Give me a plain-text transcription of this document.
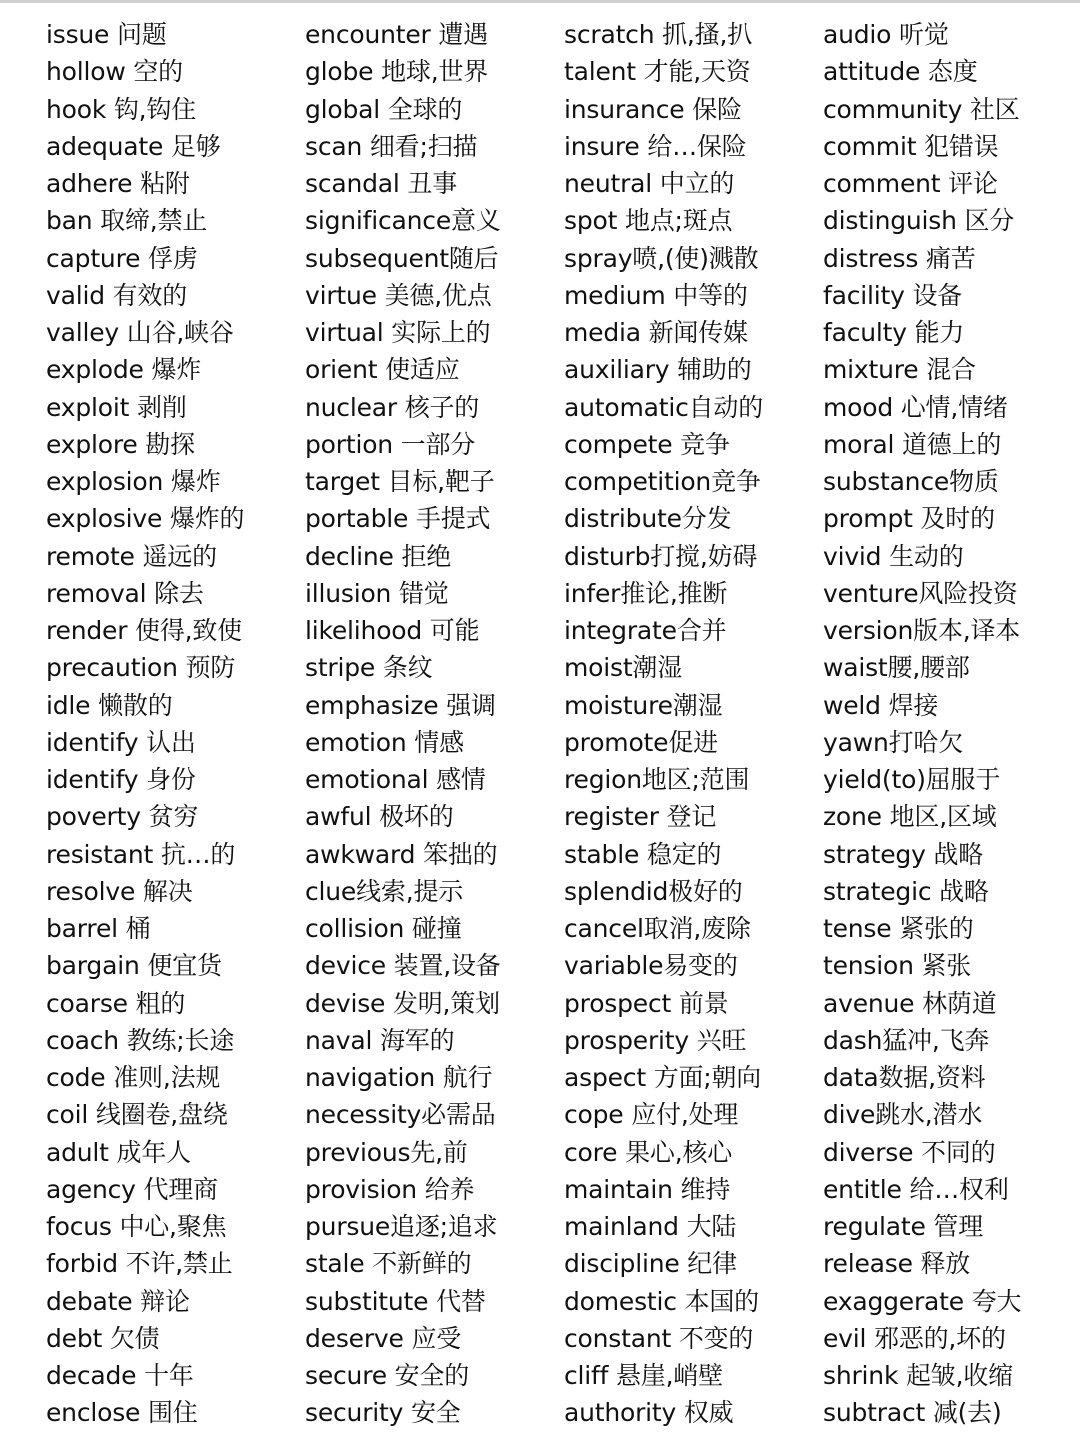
issue 问题
hollow 空的
hook 钩,钩住
adequate 足够
adhere 粘附
ban 取缔,禁止
capture 俘虏
valid 有效的
valley 山谷,峡谷
explode 爆炸
exploit 剥削
explore 勘探
explosion 爆炸
explosive 爆炸的
remote 遥远的
removal 除去
render 使得,致使
precaution 预防
idle 懒散的
identify 认出
identify 身份
poverty 贫穷
resistant 抗…的
resolve 解决
barrel 桶
bargain 便宜货
coarse 粗的
coach 教练;长途
code 准则,法规
coil 线圈卷,盘绕
adult 成年人
agency 代理商
focus 中心,聚焦
forbid 不许,禁止
debate 辩论
debt 欠债
decade 十年
enclose 围住
encounter 遭遇
globe 地球,世界
global 全球的
scan 细看;扫描
scandal 丑事
significance意义
subsequent随后
virtue 美德,优点
virtual 实际上的
orient 使适应
nuclear 核子的
portion 一部分
target 目标,靶子
portable 手提式
decline 拒绝
illusion 错觉
likelihood 可能
stripe 条纹
emphasize 强调
emotion 情感
emotional 感情
awful 极坏的
awkward 笨拙的
clue线索,提示
collision 碰撞
device 装置,设备
devise 发明,策划
naval 海军的
navigation 航行
necessity必需品
previous先,前
provision 给养
pursue追逐;追求
stale 不新鲜的
substitute 代替
deserve 应受
secure 安全的
security 安全
scratch 抓,搔,扒
talent 才能,天资
insurance 保险
insure 给…保险
neutral 中立的
spot 地点;斑点
spray喷,(使)溅散
medium 中等的
media 新闻传媒
auxiliary 辅助的
automatic自动的
compete 竞争
competition竞争
distribute分发
disturb打搅,妨碍
infer推论,推断
integrate合并
moist潮湿
moisture潮湿
promote促进
region地区;范围
register 登记
stable 稳定的
splendid极好的
cancel取消,废除
variable易变的
prospect 前景
prosperity 兴旺
aspect 方面;朝向
cope 应付,处理
core 果心,核心
maintain 维持
mainland 大陆
discipline 纪律
domestic 本国的
constant 不变的
cliff 悬崖,峭壁
authority 权威
audio 听觉
attitude 态度
community 社区
commit 犯错误
comment 评论
distinguish 区分
distress 痛苦
facility 设备
faculty 能力
mixture 混合
mood 心情,情绪
moral 道德上的
substance物质
prompt 及时的
vivid 生动的
venture风险投资
version版本,译本
waist腰,腰部
weld 焊接
yawn打哈欠
yield(to)屈服于
zone 地区,区域
strategy 战略
strategic 战略
tense 紧张的
tension 紧张
avenue 林荫道
dash猛冲,飞奔
data数据,资料
dive跳水,潜水
diverse 不同的
entitle 给…权利
regulate 管理
release 释放
exaggerate 夸大
evil 邪恶的,坏的
shrink 起皱,收缩
subtract 减(去)
